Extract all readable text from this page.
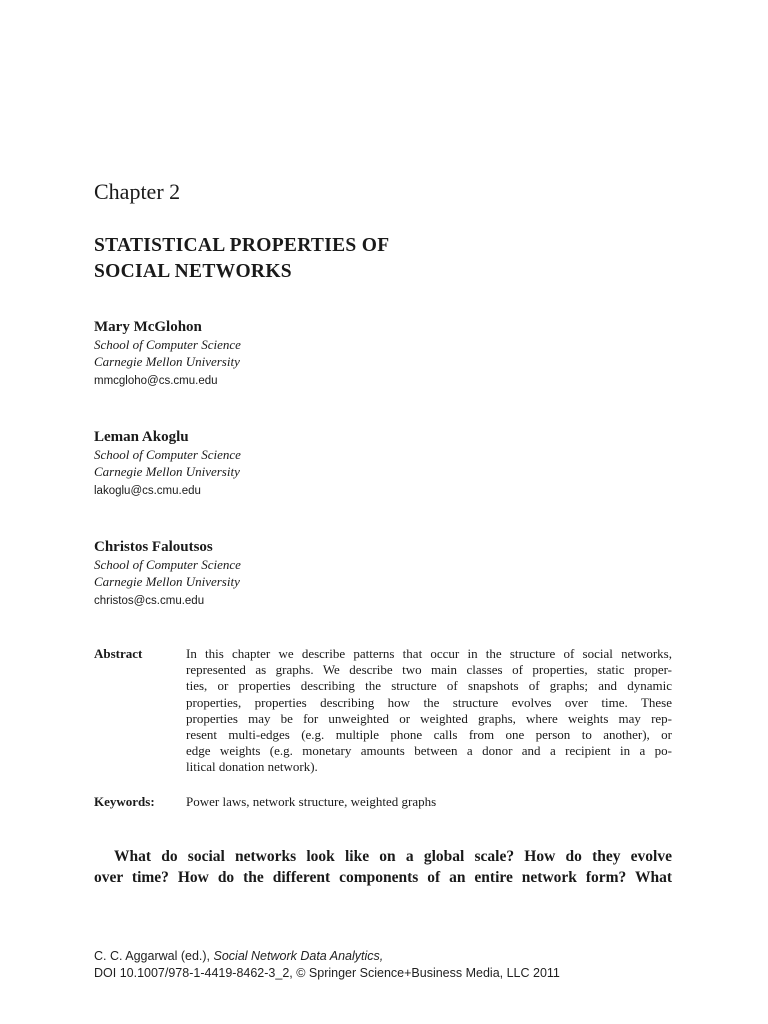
Chapter 2
STATISTICAL PROPERTIES OF
SOCIAL NETWORKS
Mary McGlohon
School of Computer Science
Carnegie Mellon University
mmcgloho@cs.cmu.edu
Leman Akoglu
School of Computer Science
Carnegie Mellon University
lakoglu@cs.cmu.edu
Christos Faloutsos
School of Computer Science
Carnegie Mellon University
christos@cs.cmu.edu
Abstract	In this chapter we describe patterns that occur in the structure of social networks,
represented as graphs. We describe two main classes of properties, static proper-
ties, or properties describing the structure of snapshots of graphs; and dynamic
properties, properties describing how the structure evolves over time. These
properties may be for unweighted or weighted graphs, where weights may rep-
resent multi-edges (e.g. multiple phone calls from one person to another), or
edge weights (e.g. monetary amounts between a donor and a recipient in a po-
litical donation network).
Keywords: Power laws, network structure, weighted graphs
What do social networks look like on a global scale? How do they evolve
over time? How do the different components of an entire network form? What
C. C. Aggarwal (ed.), Social Network Data Analytics,
DOI 10.1007/978-1-4419-8462-3_2, © Springer Science+Business Media, LLC 2011
